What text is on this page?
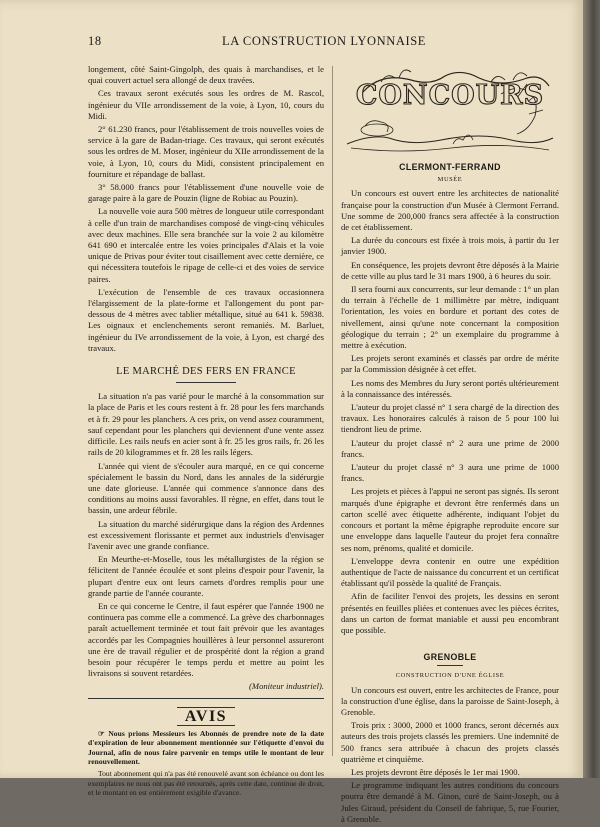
18	LA CONSTRUCTION LYONNAISE

longement, côté Saint-Gingolph, des quais à marchandises, et le quai couvert actuel sera allongé de deux travées.

Ces travaux seront exécutés sous les ordres de M. Rascol, ingénieur du VIIe arrondissement de la voie, à Lyon, 10, cours du Midi.

2° 61.230 francs, pour l'établissement de trois nouvelles voies de service à la gare de Badan-triage. Ces travaux, qui seront exécutés sous les ordres de M. Moser, ingénieur du XIIe arrondissement de la voie, à Lyon, 10, cours du Midi, consistent principalement en fourniture et répandage de ballast.

3° 58.000 francs pour l'établissement d'une nouvelle voie de garage paire à la gare de Pouzin (ligne de Robiac au Pouzin).

La nouvelle voie aura 500 mètres de longueur utile correspondant à celle d'un train de marchandises composé de vingt-cinq véhicules avec deux machines. Elle sera branchée sur la voie 2 au kilomètre 641 690 et intercalée entre les voies principales d'Alais et la voie unique de Privas pour éviter tout cisaillement avec cette dernière, ce qui nécessitera toutefois le ripage de celle-ci et des voies de service paires.

L'exécution de l'ensemble de ces travaux occasionnera l'élargissement de la plate-forme et l'allongement du pont par-dessous de 4 mètres avec tablier métallique, situé au 641 k. 59838. Les oignaux et enclenchements seront remaniés. M. Barluet, ingénieur du IVe arrondissement de la voie, à Lyon, est chargé des travaux.

LE MARCHÉ DES FERS EN FRANCE

La situation n'a pas varié pour le marché à la consommation sur la place de Paris et les cours restent à fr. 28 pour les fers marchands et à fr. 29 pour les planchers. A ces prix, on vend assez couramment, sauf cependant pour les planchers qui deviennent d'une vente assez difficile. Les rails neufs en acier sont à fr. 25 les gros rails, fr. 26 les rails de 20 kilogrammes et fr. 28 les rails légers.

L'année qui vient de s'écouler aura marqué, en ce qui concerne spécialement le bassin du Nord, dans les annales de la sidérurgie une date glorieuse. L'année qui commence s'annonce dans des conditions au moins aussi favorables. Il règne, en effet, dans tout le bassin, une ardeur fébrile.

La situation du marché sidérurgique dans la région des Ardennes est excessivement florissante et permet aux industriels d'envisager l'avenir avec une grande confiance.

En Meurthe-et-Moselle, tous les métallurgistes de la région se félicitent de l'année écoulée et sont pleins d'espoir pour l'avenir, la plupart d'entre eux ont leurs carnets d'ordres remplis pour une grande partie de l'année courante.

En ce qui concerne le Centre, il faut espérer que l'année 1900 ne continuera pas comme elle a commencé. La grève des charbonnages paraît actuellement terminée et tout fait prévoir que les avantages accordés par les Compagnies houillères à leur personnel assureront une ère de travail régulier et de prospérité dont la région a grand besoin pour récupérer le temps perdu et mettre au point les livraisons si souvent retardées.

(Moniteur industriel).
AVIS

☞ Nous prions Messieurs les Abonnés de prendre note de la date d'expiration de leur abonnement mentionnée sur l'étiquette d'envoi du Journal, afin de nous faire parvenir en temps utile le montant de leur renouvellement.

Tout abonnement qui n'a pas été renouvelé avant son échéance ou dont les exemplaires ne nous ont pas été retournés, après cette date, continue de droit, et le montant en est entièrement exigible d'avance.

CONCOURS
CLERMONT-FERRAND
MUSÉE

Un concours est ouvert entre les architectes de nationalité française pour la construction d'un Musée à Clermont Ferrand. Une somme de 200,000 francs sera affectée à la construction de cet établissement.

La durée du concours est fixée à trois mois, à partir du 1er janvier 1900.

En conséquence, les projets devront être déposés à la Mairie de cette ville au plus tard le 31 mars 1900, à 6 heures du soir.

Il sera fourni aux concurrents, sur leur demande : 1° un plan du terrain à l'échelle de 1 millimètre par mètre, indiquant l'orientation, les voies en bordure et portant des cotes de nivellement, ainsi qu'une note concernant la composition géologique du terrain ; 2° un exemplaire du programme à mettre à exécution.

Les projets seront examinés et classés par ordre de mérite par la Commission désignée à cet effet.

Les noms des Membres du Jury seront portés ultérieurement à la connaissance des intéressés.

L'auteur du projet classé n° 1 sera chargé de la direction des travaux. Les honoraires calculés à raison de 5 pour 100 lui tiendront lieu de prime.

L'auteur du projet classé n° 2 aura une prime de 2000 francs.

L'auteur du projet classé n° 3 aura une prime de 1000 francs.

Les projets et pièces à l'appui ne seront pas signés. Ils seront marqués d'une épigraphe et devront être renfermés dans un carton scellé avec étiquette adhérente, indiquant l'objet du concours et portant la même épigraphe reproduite encore sur une enveloppe dans laquelle l'auteur du projet fera connaître ses nom, prénoms, qualité et domicile.

L'enveloppe devra contenir en outre une expédition authentique de l'acte de naissance du concurrent et un certificat établissant qu'il possède la qualité de Français.

Afin de faciliter l'envoi des projets, les dessins en seront présentés en feuilles pliées et contenues avec les pièces écrites, dans un carton de format maniable et aussi peu encombrant que possible.

GRENOBLE
CONSTRUCTION D'UNE ÉGLISE

Un concours est ouvert, entre les architectes de France, pour la construction d'une église, dans la paroisse de Saint-Joseph, à Grenoble.

Trois prix : 3000, 2000 et 1000 francs, seront décernés aux auteurs des trois projets classés les premiers. Une indemnité de 500 francs sera attribuée à chacun des projets classés quatrième et cinquième.

Les projets devront être déposés le 1er mai 1900.

Le programme indiquant les autres conditions du concours pourra être demandé à M. Ginon, curé de Saint-Joseph, ou à Jules Giraud, président du Conseil de fabrique, 5, rue Fourier, à Grenoble.
